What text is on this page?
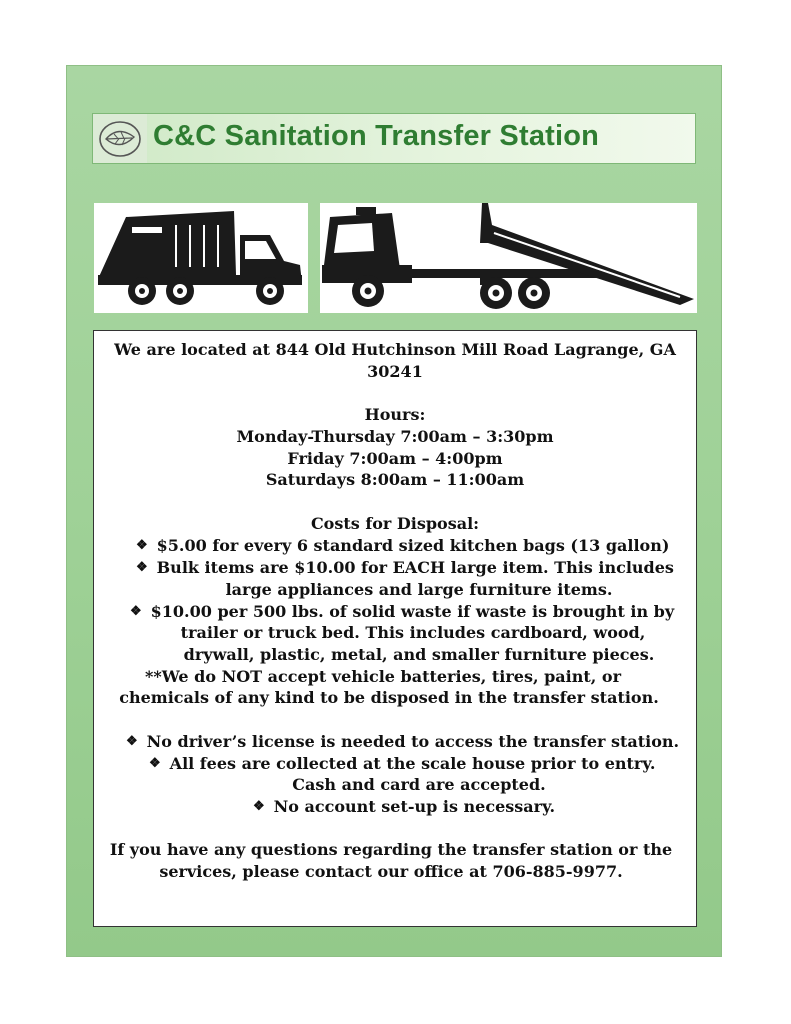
C&C Sanitation Transfer Station
We are located at 844 Old Hutchinson Mill Road Lagrange, GA
30241
Hours:
Monday-Thursday 7:00am – 3:30pm
Friday 7:00am – 4:00pm
Saturdays 8:00am – 11:00am
Costs for Disposal:
❖ $5.00 for every 6 standard sized kitchen bags (13 gallon)
❖ Bulk items are $10.00 for EACH large item. This includes
large appliances and large furniture items.
❖ $10.00 per 500 lbs. of solid waste if waste is brought in by
trailer or truck bed. This includes cardboard, wood,
drywall, plastic, metal, and smaller furniture pieces.
**We do NOT accept vehicle batteries, tires, paint, or
chemicals of any kind to be disposed in the transfer station.
❖ No driver’s license is needed to access the transfer station.
❖ All fees are collected at the scale house prior to entry.
Cash and card are accepted.
❖ No account set-up is necessary.
If you have any questions regarding the transfer station or the
services, please contact our office at 706-885-9977.
